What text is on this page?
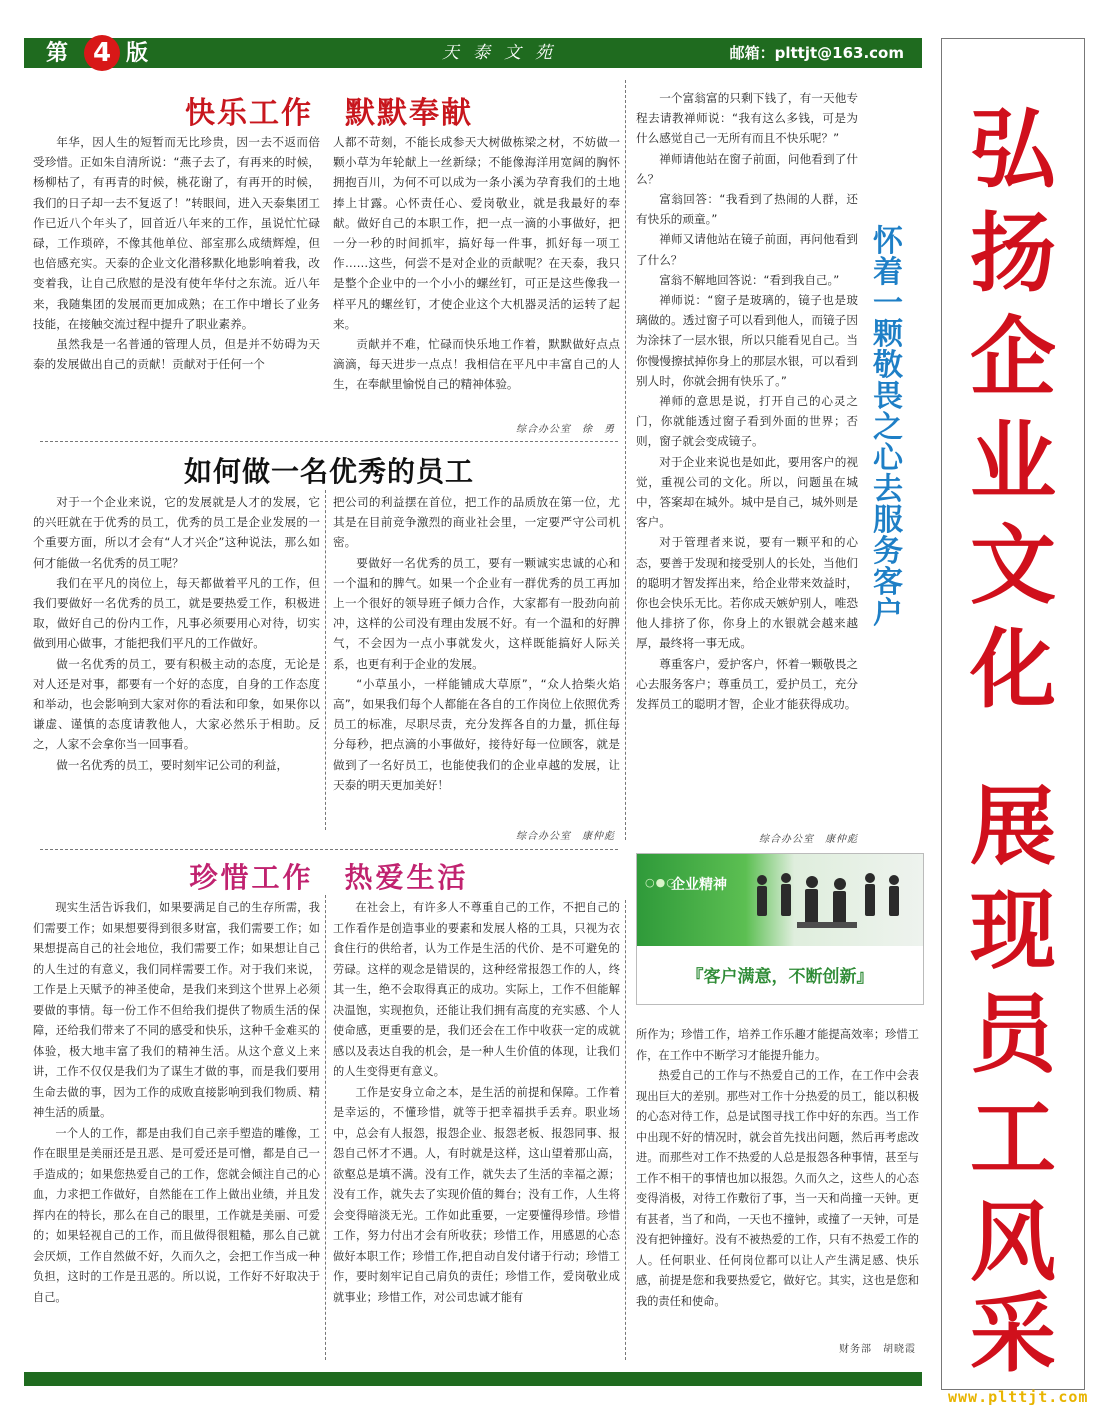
第 4 版	天泰文苑	邮箱：plttjt@163.com
快乐工作　默默奉献

年华，因人生的短暂而无比珍贵，因一去不返而倍受珍惜。正如朱自清所说：“燕子去了，有再来的时候，杨柳枯了，有再青的时候，桃花谢了，有再开的时候，我们的日子却一去不复返了！”转眼间，进入天泰集团工作已近八个年头了，回首近八年来的工作，虽说忙忙碌碌，工作琐碎，不像其他单位、部室那么成绩辉煌，但也倍感充实。天泰的企业文化潜移默化地影响着我，改变着我，让自己欣慰的是没有使年华付之东流。近八年来，我随集团的发展而更加成熟；在工作中增长了业务技能，在接触交流过程中提升了职业素养。

虽然我是一名普通的管理人员，但是并不妨碍为天泰的发展做出自己的贡献！贡献对于任何一个

人都不苛刻，不能长成参天大树做栋梁之材，不妨做一颗小草为年轮献上一丝新绿；不能像海洋用宽阔的胸怀拥抱百川，为何不可以成为一条小溪为孕育我们的土地捧上甘露。心怀责任心、爱岗敬业，就是我最好的奉献。做好自己的本职工作，把一点一滴的小事做好，把一分一秒的时间抓牢，搞好每一件事，抓好每一项工作……这些，何尝不是对企业的贡献呢？在天泰，我只是整个企业中的一个小小的螺丝钉，可正是这些像我一样平凡的螺丝钉，才使企业这个大机器灵活的运转了起来。

贡献并不难，忙碌而快乐地工作着，默默做好点点滴滴，每天进步一点点！我相信在平凡中丰富自己的人生，在奉献里愉悦自己的精神体验。

综合办公室　徐　勇
如何做一名优秀的员工

对于一个企业来说，它的发展就是人才的发展，它的兴旺就在于优秀的员工，优秀的员工是企业发展的一个重要方面，所以才会有“人才兴企”这种说法，那么如何才能做一名优秀的员工呢？

我们在平凡的岗位上，每天都做着平凡的工作，但我们要做好一名优秀的员工，就是要热爱工作，积极进取，做好自己的份内工作，凡事必须要用心对待，切实做到用心做事，才能把我们平凡的工作做好。

做一名优秀的员工，要有积极主动的态度，无论是对人还是对事，都要有一个好的态度，自身的工作态度和举动，也会影响到大家对你的看法和印象，如果你以谦虚、谨慎的态度请教他人，大家必然乐于相助。反之，人家不会拿你当一回事看。

做一名优秀的员工，要时刻牢记公司的利益，

把公司的利益摆在首位，把工作的品质放在第一位，尤其是在目前竞争激烈的商业社会里，一定要严守公司机密。

要做好一名优秀的员工，要有一颗诚实忠诚的心和一个温和的脾气。如果一个企业有一群优秀的员工再加上一个很好的领导班子倾力合作，大家都有一股劲向前冲，这样的公司没有理由发展不好。有一个温和的好脾气，不会因为一点小事就发火，这样既能搞好人际关系，也更有利于企业的发展。

“小草虽小，一样能铺成大草原”，“众人拾柴火焰高”，如果我们每个人都能在各自的工作岗位上依照优秀员工的标准，尽职尽责，充分发挥各自的力量，抓住每分每秒，把点滴的小事做好，接待好每一位顾客，就是做到了一名好员工，也能使我们的企业卓越的发展，让天泰的明天更加美好！

综合办公室　康仲彪

一个富翁富的只剩下钱了，有一天他专程去请教禅师说：“我有这么多钱，可是为什么感觉自己一无所有而且不快乐呢？”

禅师请他站在窗子前面，问他看到了什么？

富翁回答：“我看到了热闹的人群，还有快乐的顽童。”

禅师又请他站在镜子前面，再问他看到了什么？

富翁不解地回答说：“看到我自己。”

禅师说：“窗子是玻璃的，镜子也是玻璃做的。透过窗子可以看到他人，而镜子因为涂抹了一层水银，所以只能看见自己。当你慢慢擦拭掉你身上的那层水银，可以看到别人时，你就会拥有快乐了。”

禅师的意思是说，打开自己的心灵之门，你就能透过窗子看到外面的世界；否则，窗子就会变成镜子。

对于企业来说也是如此，要用客户的视觉，重视公司的文化。所以，问题虽在城中，答案却在城外。城中是自己，城外则是客户。

对于管理者来说，要有一颗平和的心态，要善于发现和接受别人的长处，当他们的聪明才智发挥出来，给企业带来效益时，你也会快乐无比。若你成天嫉妒别人，唯恐他人排挤了你，你身上的水银就会越来越厚，最终将一事无成。

尊重客户，爱护客户，怀着一颗敬畏之心去服务客户；尊重员工，爱护员工，充分发挥员工的聪明才智，企业才能获得成功。

综合办公室　康仲彪
怀
着
一
颗
敬
畏
之
心
去
服
务
客
户
○●○
企业精神
『客户满意，不断创新』
珍惜工作　热爱生活

现实生活告诉我们，如果要满足自己的生存所需，我们需要工作；如果想要得到很多财富，我们需要工作；如果想提高自己的社会地位，我们需要工作；如果想让自己的人生过的有意义，我们同样需要工作。对于我们来说，工作是上天赋予的神圣使命，是我们来到这个世界上必须要做的事情。每一份工作不但给我们提供了物质生活的保障，还给我们带来了不同的感受和快乐，这种千金难买的体验，极大地丰富了我们的精神生活。从这个意义上来讲，工作不仅仅是我们为了谋生才做的事，而是我们要用生命去做的事，因为工作的成败直接影响到我们物质、精神生活的质量。

一个人的工作，都是由我们自己亲手塑造的雕像，工作在眼里是美丽还是丑恶、是可爱还是可憎，都是自己一手造成的；如果您热爱自己的工作，您就会倾注自己的心血，力求把工作做好，自然能在工作上做出业绩，并且发挥内在的特长，那么在自己的眼里，工作就是美丽、可爱的；如果轻视自己的工作，而且做得很粗糙，那么自己就会厌烦，工作自然做不好，久而久之，会把工作当成一种负担，这时的工作是丑恶的。所以说，工作好不好取决于自己。

在社会上，有许多人不尊重自己的工作，不把自己的工作看作是创造事业的要素和发展人格的工具，只视为衣食住行的供给者，认为工作是生活的代价、是不可避免的劳碌。这样的观念是错误的，这种经常报怨工作的人，终其一生，绝不会取得真正的成功。实际上，工作不但能解决温饱，实现抱负，还能让我们拥有高度的充实感、个人使命感，更重要的是，我们还会在工作中收获一定的成就感以及表达自我的机会，是一种人生价值的体现，让我们的人生变得更有意义。

工作是安身立命之本，是生活的前提和保障。工作着是幸运的，不懂珍惜，就等于把幸福拱手丢弃。职业场中，总会有人报怨，报怨企业、报怨老板、报怨同事、报怨自己怀才不遇。人，有时就是这样，这山望着那山高，欲壑总是填不满。没有工作，就失去了生活的幸福之源；没有工作，就失去了实现价值的舞台；没有工作，人生将会变得暗淡无光。工作如此重要，一定要懂得珍惜。珍惜工作，努力付出才会有所收获；珍惜工作，用感恩的心态做好本职工作；珍惜工作,把自动自发付诸于行动；珍惜工作，要时刻牢记自己肩负的责任；珍惜工作，爱岗敬业成就事业；珍惜工作，对公司忠诚才能有

所作为；珍惜工作，培养工作乐趣才能提高效率；珍惜工作，在工作中不断学习才能提升能力。

热爱自己的工作与不热爱自己的工作，在工作中会表现出巨大的差别。那些对工作十分热爱的员工，能以积极的心态对待工作，总是试图寻找工作中好的东西。当工作中出现不好的情况时，就会首先找出问题，然后再考虑改进。而那些对工作不热爱的人总是报怨各种事情，甚至与工作不相干的事情也加以报怨。久而久之，这些人的心态变得消极，对待工作敷衍了事，当一天和尚撞一天钟。更有甚者，当了和尚，一天也不撞钟，或撞了一天钟，可是没有把钟撞好。没有不被热爱的工作，只有不热爱工作的人。任何职业、任何岗位都可以让人产生满足感、快乐感，前提是您和我要热爱它，做好它。其实，这也是您和我的责任和使命。

财务部　胡晓霞
弘
扬
企
业
文
化
展
现
员
工
风
采
www.plttjt.com
